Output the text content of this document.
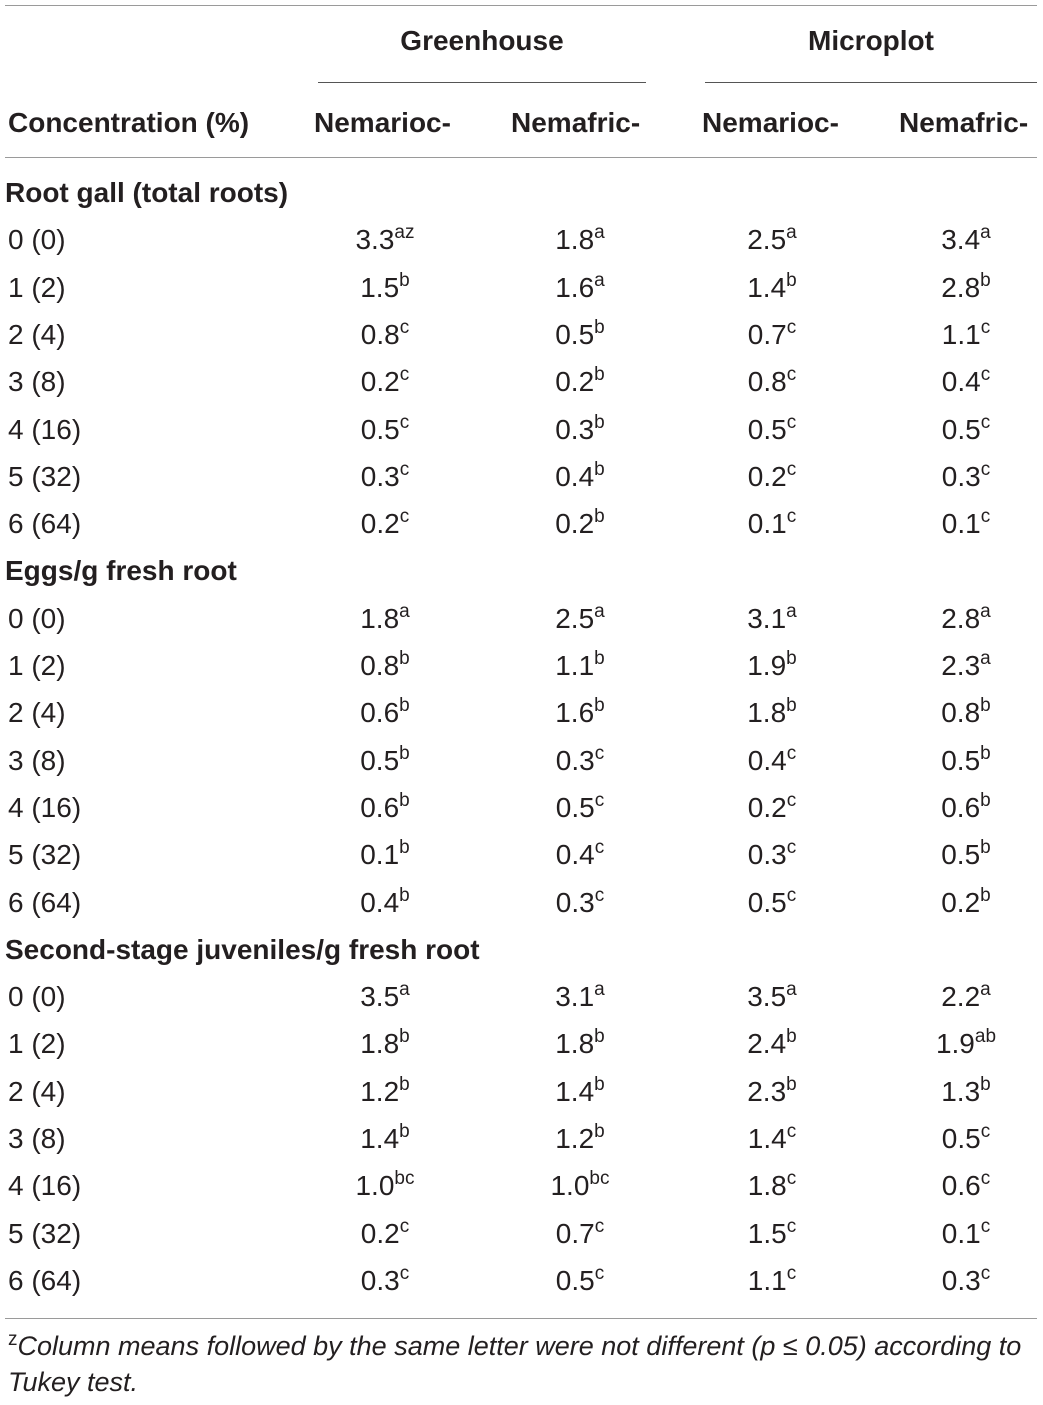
Greenhouse	Microplot
Concentration (%) Nemarioc- Nemafric- Nemarioc- Nemafric-
Root gall (total roots)
0 (0)	$3.3^{az}$	1.8$^a$	2.5$^a$	3.4$^a$
1 (2)	1.5$^b$	1.6$^a$	1.4$^b$	2.8$^b$
2 (4)	0.8$^c$	0.5$^b$	0.7$^c$	1.1$^c$
3 (8)	0.2$^c$	0.2$^b$	0.8$^c$	0.4$^c$
4 (16)	0.5$^c$	0.3$^b$	0.5$^c$	0.5$^c$
5 (32)	0.3$^c$	0.4$^b$	0.2$^c$	0.3$^c$
6 (64)	0.2$^c$	0.2$^b$	0.1$^c$	0.1$^c$
Eggs/g fresh root
0 (0)	1.8$^a$	2.5$^a$	3.1$^a$	2.8$^a$
1 (2)	0.8$^b$	1.1$^b$	1.9$^b$	2.3$^a$
2 (4)	0.6$^b$	1.6$^b$	1.8$^b$	0.8$^b$
3 (8)	0.5$^b$	0.3$^c$	0.4$^c$	0.5$^b$
4 (16)	0.6$^b$	0.5$^c$	0.2$^c$	0.6$^b$
5 (32)	0.1$^b$	0.4$^c$	0.3$^c$	0.5$^b$
6 (64)	0.4$^b$	0.3$^c$	0.5$^c$	0.2$^b$
Second-stage juveniles/g fresh root
0 (0)	3.5$^a$	3.1$^a$	3.5$^a$	2.2$^a$
1 (2)	1.8$^b$	1.8$^b$	2.4$^b$	1.9$^{ab}$
2 (4)	1.2$^b$	1.4$^b$	2.3$^b$	1.3$^b$
3 (8)	1.4$^b$	1.2$^b$	1.4$^c$	0.5$^c$
4 (16)	1.0$^{bc}$	1.0$^{bc}$	1.8$^c$	0.6$^c$
5 (32)	0.2$^c$	0.7$^c$	1.5$^c$	0.1$^c$
6 (64)	0.3$^c$	0.5$^c$	1.1$^c$	0.3$^c$
$^z$Column means followed by the same letter were not different (p ≤ 0.05) according to Tukey test.
